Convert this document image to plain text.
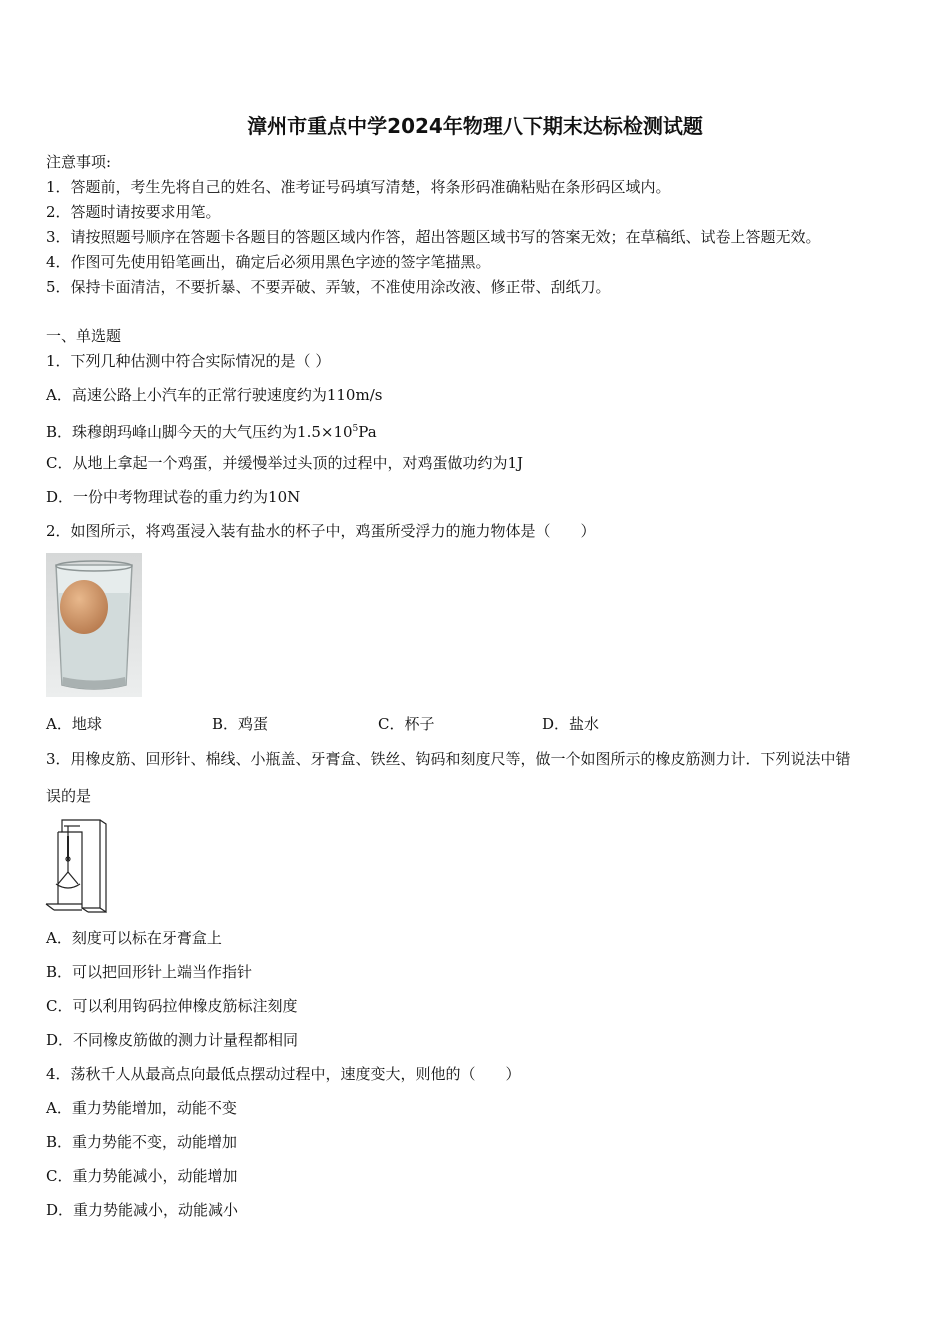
漳州市重点中学2024年物理八下期末达标检测试题
注意事项:
1．答题前，考生先将自己的姓名、准考证号码填写清楚，将条形码准确粘贴在条形码区域内。
2．答题时请按要求用笔。
3．请按照题号顺序在答题卡各题目的答题区域内作答，超出答题区域书写的答案无效；在草稿纸、试卷上答题无效。
4．作图可先使用铅笔画出，确定后必须用黑色字迹的签字笔描黑。
5．保持卡面清洁，不要折暴、不要弄破、弄皱，不准使用涂改液、修正带、刮纸刀。
一、单选题
1．下列几种估测中符合实际情况的是（ ）
A．高速公路上小汽车的正常行驶速度约为110m/s
B．珠穆朗玛峰山脚今天的大气压约为$1.5\times 10^5Pa$
C．从地上拿起一个鸡蛋，并缓慢举过头顶的过程中，对鸡蛋做功约为1J
D．一份中考物理试卷的重力约为10N
2．如图所示，将鸡蛋浸入装有盐水的杯子中，鸡蛋所受浮力的施力物体是（　　）
A．地球	B．鸡蛋	C．杯子	D．盐水
3．用橡皮筋、回形针、棉线、小瓶盖、牙膏盒、铁丝、钩码和刻度尺等，做一个如图所示的橡皮筋测力计．下列说法中错
误的是
A．刻度可以标在牙膏盒上
B．可以把回形针上端当作指针
C．可以利用钩码拉伸橡皮筋标注刻度
D．不同橡皮筋做的测力计量程都相同
4．荡秋千人从最高点向最低点摆动过程中，速度变大，则他的（　　）
A．重力势能增加，动能不变
B．重力势能不变，动能增加
C．重力势能减小，动能增加
D．重力势能减小，动能减小
